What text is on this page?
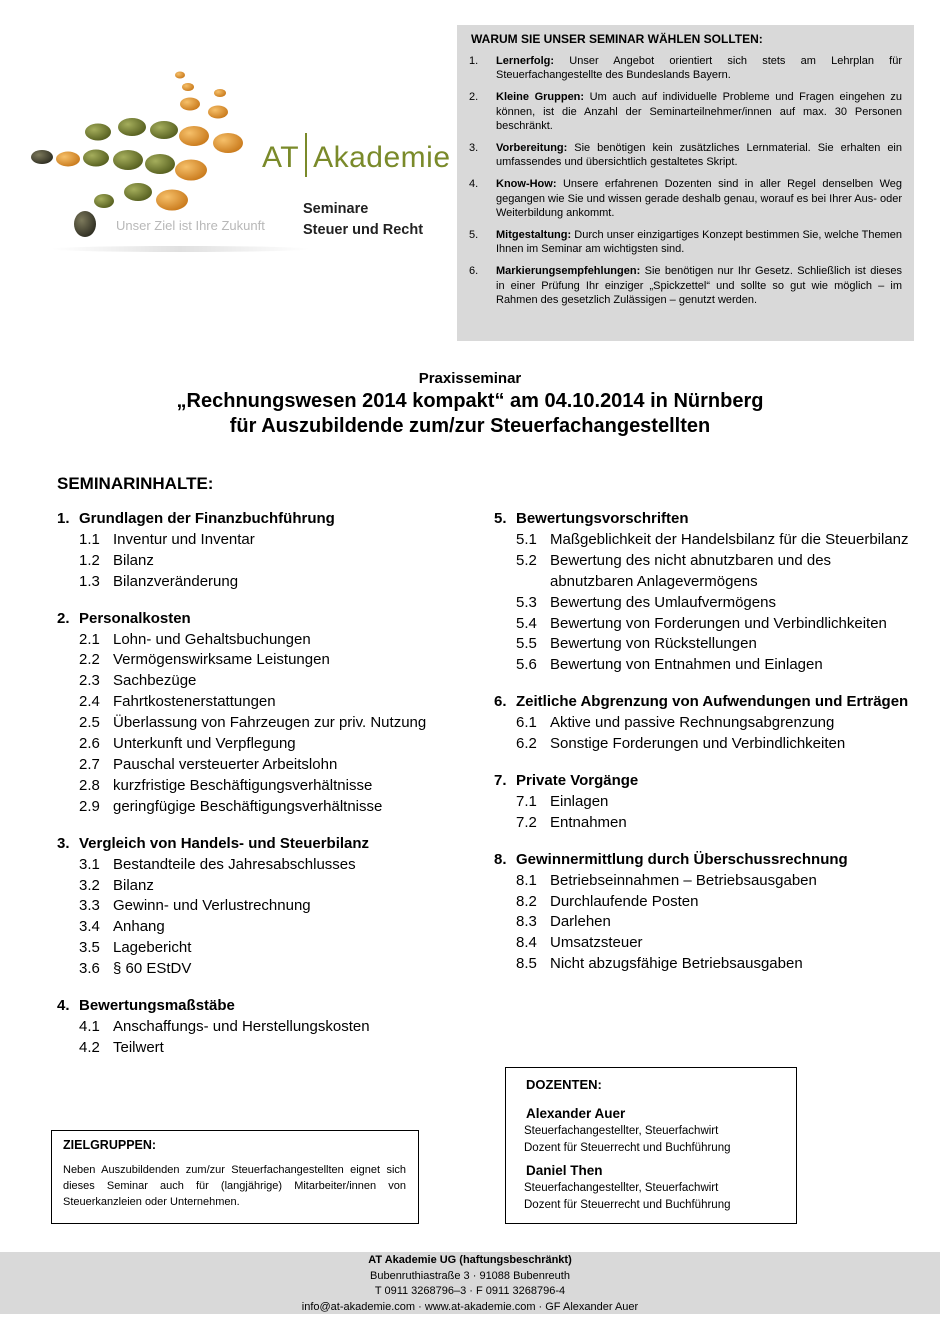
AT Akademie
Unser Ziel ist Ihre Zukunft
Seminare
Steuer und Recht
WARUM SIE UNSER SEMINAR WÄHLEN SOLLTEN:
1.	Lernerfolg: Unser Angebot orientiert sich stets am Lehrplan für Steuerfachangestellte des Bundeslands Bayern.
2.	Kleine Gruppen: Um auch auf individuelle Probleme und Fragen eingehen zu können, ist die Anzahl der Seminarteilnehmer/innen auf max. 30 Personen beschränkt.
3.	Vorbereitung: Sie benötigen kein zusätzliches Lernmaterial. Sie erhalten ein umfassendes und übersichtlich gestaltetes Skript.
4.	Know-How: Unsere erfahrenen Dozenten sind in aller Regel denselben Weg gegangen wie Sie und wissen gerade deshalb genau, worauf es bei Ihrer Aus- oder Weiterbildung ankommt.
5.	Mitgestaltung: Durch unser einzigartiges Konzept bestimmen Sie, welche Themen Ihnen im Seminar am wichtigsten sind.
6.	Markierungsempfehlungen: Sie benötigen nur Ihr Gesetz. Schließlich ist dieses in einer Prüfung Ihr einziger „Spickzettel“ und sollte so gut wie möglich – im Rahmen des gesetzlich Zulässigen – genutzt werden.
Praxisseminar
„Rechnungswesen 2014 kompakt“ am 04.10.2014 in Nürnberg
für Auszubildende zum/zur Steuerfachangestellten
SEMINARINHALTE:
1. Grundlagen der Finanzbuchführung
1.1 Inventur und Inventar
1.2 Bilanz
1.3 Bilanzveränderung
2. Personalkosten
2.1 Lohn- und Gehaltsbuchungen
2.2 Vermögenswirksame Leistungen
2.3 Sachbezüge
2.4 Fahrtkostenerstattungen
2.5 Überlassung von Fahrzeugen zur priv. Nutzung
2.6 Unterkunft und Verpflegung
2.7 Pauschal versteuerter Arbeitslohn
2.8 kurzfristige Beschäftigungsverhältnisse
2.9 geringfügige Beschäftigungsverhältnisse
3. Vergleich von Handels- und Steuerbilanz
3.1 Bestandteile des Jahresabschlusses
3.2 Bilanz
3.3 Gewinn- und Verlustrechnung
3.4 Anhang
3.5 Lagebericht
3.6 § 60 EStDV
4. Bewertungsmaßstäbe
4.1 Anschaffungs- und Herstellungskosten
4.2 Teilwert
5. Bewertungsvorschriften
5.1 Maßgeblichkeit der Handelsbilanz für die Steuerbilanz
5.2 Bewertung des nicht abnutzbaren und des abnutzbaren Anlagevermögens
5.3 Bewertung des Umlaufvermögens
5.4 Bewertung von Forderungen und Verbindlichkeiten
5.5 Bewertung von Rückstellungen
5.6 Bewertung von Entnahmen und Einlagen
6. Zeitliche Abgrenzung von Aufwendungen und Erträgen
6.1 Aktive und passive Rechnungsabgrenzung
6.2 Sonstige Forderungen und Verbindlichkeiten
7. Private Vorgänge
7.1 Einlagen
7.2 Entnahmen
8. Gewinnermittlung durch Überschussrechnung
8.1 Betriebseinnahmen – Betriebsausgaben
8.2 Durchlaufende Posten
8.3 Darlehen
8.4 Umsatzsteuer
8.5 Nicht abzugsfähige Betriebsausgaben
DOZENTEN:
Alexander Auer
Steuerfachangestellter, Steuerfachwirt
Dozent für Steuerrecht und Buchführung
Daniel Then
Steuerfachangestellter, Steuerfachwirt
Dozent für Steuerrecht und Buchführung
ZIELGRUPPEN:
Neben Auszubildenden zum/zur Steuerfachangestellten eignet sich dieses Seminar auch für (langjährige) Mitarbeiter/innen von Steuerkanzleien oder Unternehmen.
AT Akademie UG (haftungsbeschränkt)
Bubenruthiastraße 3 · 91088 Bubenreuth
T 0911 3268796–3 · F 0911 3268796-4
info@at-akademie.com · www.at-akademie.com · GF Alexander Auer
